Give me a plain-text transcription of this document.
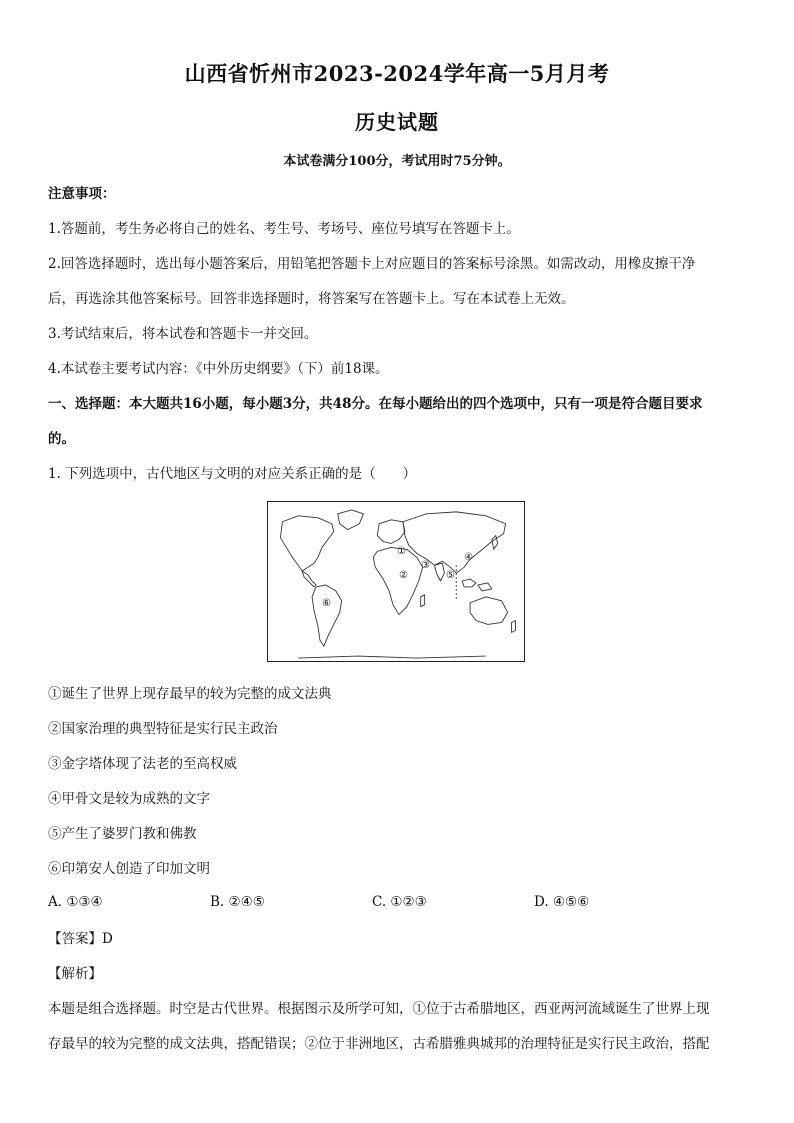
山西省忻州市2023-2024学年高一5月月考
历史试题
本试卷满分100分，考试用时75分钟。
注意事项：
1.答题前，考生务必将自己的姓名、考生号、考场号、座位号填写在答题卡上。
2.回答选择题时，选出每小题答案后，用铅笔把答题卡上对应题目的答案标号涂黑。如需改动，用橡皮擦干净
后，再选涂其他答案标号。回答非选择题时，将答案写在答题卡上。写在本试卷上无效。
3.考试结束后，将本试卷和答题卡一并交回。
4.本试卷主要考试内容：《中外历史纲要》（下）前18课。
一、选择题：本大题共16小题，每小题3分，共48分。在每小题给出的四个选项中，只有一项是符合题目要求
的。
1. 下列选项中，古代地区与文明的对应关系正确的是（　　）
①
②
③
④
⑤
⑥
①诞生了世界上现存最早的较为完整的成文法典
②国家治理的典型特征是实行民主政治
③金字塔体现了法老的至高权威
④甲骨文是较为成熟的文字
⑤产生了婆罗门教和佛教
⑥印第安人创造了印加文明
A. ①③④	B. ②④⑤	C. ①②③	D. ④⑤⑥
【答案】D
【解析】
本题是组合选择题。时空是古代世界。根据图示及所学可知，①位于古希腊地区，西亚两河流域诞生了世界上现
存最早的较为完整的成文法典，搭配错误；②位于非洲地区，古希腊雅典城邦的治理特征是实行民主政治，搭配
